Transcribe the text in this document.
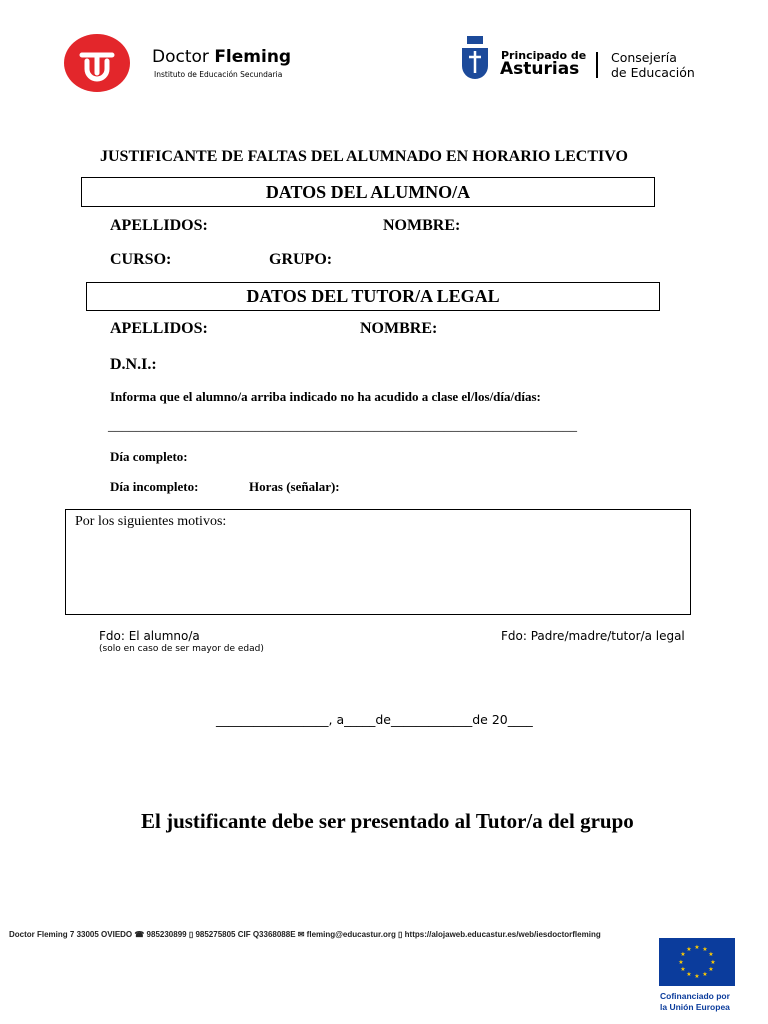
Doctor Fleming
Instituto de Educación Secundaria
Principado de
Asturias
Consejería
de Educación
JUSTIFICANTE DE FALTAS DEL ALUMNADO EN HORARIO LECTIVO
DATOS DEL ALUMNO/A
APELLIDOS:	NOMBRE:
CURSO:	GRUPO:
DATOS DEL TUTOR/A LEGAL
APELLIDOS:	NOMBRE:
D.N.I.:
Informa que el alumno/a arriba indicado no ha acudido a clase el/los/día/días:
___________________________________________________________________
Día completo:
Día incompleto:	Horas (señalar):
Por los siguientes motivos:
Fdo: El alumno/a
(solo en caso de ser mayor de edad)
Fdo: Padre/madre/tutor/a legal
__________________, a_____de_____________de 20____
El justificante debe ser presentado al Tutor/a del grupo
Doctor Fleming 7 33005 OVIEDO ☎ 985230899 ▯ 985275805 CIF Q3368088E ✉ fleming@educastur.org ▯ https://alojaweb.educastur.es/web/iesdoctorfleming
★ ★
★
★
★
★
★
★
★
★
★
★
Cofinanciado por
la Unión Europea
